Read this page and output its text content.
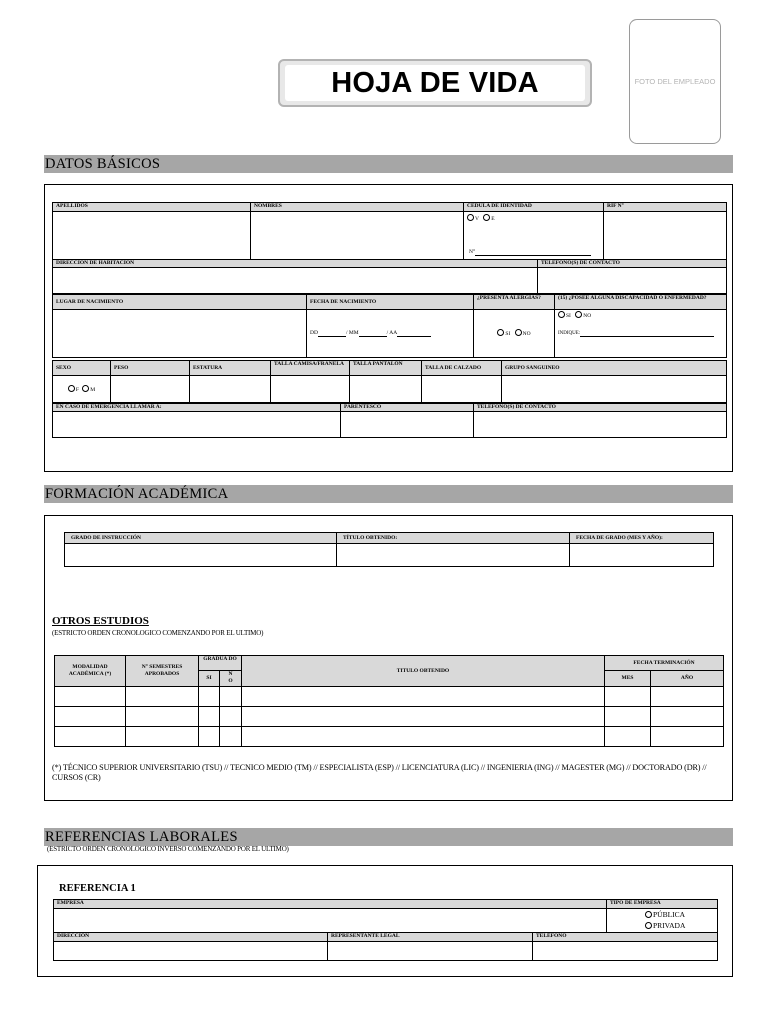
HOJA DE VIDA	FOTO DEL EMPLEADO
DATOS BÁSICOS
APELLIDOS	NOMBRES	CEDULA DE IDENTIDAD	RIF N°

		V E
N°	

DIRECCION DE HABITACION	TELEFONO(S) DE CONTACTO

LUGAR DE NACIMIENTO	FECHA DE NACIMIENTO	¿PRESENTA ALERGIAS?	(15) ¿POSEE ALGUNA DISCAPACIDAD O ENFERMEDAD?
	DD / MM / AA	SI NO	SI NO
INDIQUE:
SEXO	PESO	ESTATURA	TALLA CAMISA/FRANELA	TALLA PANTALÓN	TALLA DE CALZADO	GRUPO SANGUINEO
F M						
EN CASO DE EMERGENCIA LLAMAR A:	PARENTESCO	TELEFONO(S) DE CONTACTO

FORMACIÓN ACADÉMICA
GRADO DE INSTRUCCIÓN	TÍTULO OBTENIDO:	FECHA DE GRADO (MES Y AÑO):

OTROS ESTUDIOS
(ESTRICTO ORDEN CRONOLOGICO COMENZANDO POR EL ULTIMO)
MODALIDAD ACADÉMICA (*)	N° SEMESTRES APROBADOS	GRADUA DO		TITULO OBTENIDO	FECHA TERMINACIÓN	
		SI	N O		MES	AÑO

(*) TÉCNICO SUPERIOR UNIVERSITARIO (TSU) // TECNICO MEDIO (TM) // ESPECIALISTA (ESP) // LICENCIATURA (LIC) // INGENIERIA (ING) // MAGESTER (MG) // DOCTORADO (DR) // CURSOS (CR)
REFERENCIAS LABORALES
(ESTRICTO ORDEN CRONOLOGICO INVERSO COMENZANDO POR EL ULTIMO)
REFERENCIA 1
EMPRESA	TIPO DE EMPRESA

	PÚBLICA
PRIVADA
DIRECCIÓN	REPRESENTANTE LEGAL	TELÉFONO
